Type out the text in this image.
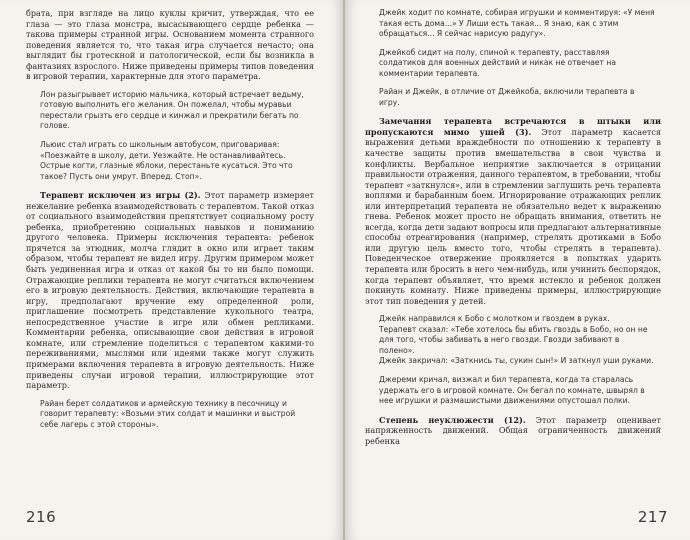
брата, при взгляде на лицо куклы кричит, утверждая, что ее глаза — это глаза монстра, высасывающего сердце ребенка — такова примеры странной игры. Основанием момента странного поведения является то, что такая игра случается нечасто; она выглядит бы гротескной и патологической, если бы возникла в фантазиях взрослого. Ниже приведены примеры типов поведения в игровой терапии, характерные для этого параметра.

Лон разыгрывает историю мальчика, который встречает ведьму, готовую выполнить его желания. Он пожелал, чтобы муравьи перестали грызть его сердце и кинжал и прекратили бегать по голове.

Льюис стал играть со школьным автобусом, приговаривая: «Поезжайте в школу, дети. Уезжайте. Не останавливайтесь. Острые когти, глазные яблоки, перестаньте кусаться. Это что такое? Пусть они умрут. Вперед. Стоп».

Терапевт исключен из игры (2). Этот параметр измеряет нежелание ребенка взаимодействовать с терапевтом. Такой отказ от социального взаимодействия препятствует социальному росту ребенка, приобретению социальных навыков и пониманию другого человека. Примеры исключения терапевта: ребенок прячется за этюдник, молча глядит в окно или играет таким образом, чтобы терапевт не видел игру. Другим примером может быть уединенная игра и отказ от какой бы то ни было помощи. Отражающие реплики терапевта не могут считаться включением его в игровую деятельность. Действия, включающие терапевта в игру, предполагают вручение ему определенной роли, приглашение посмотреть представление кукольного театра, непосредственное участие в игре или обмен репликами. Комментарии ребенка, описывающие свои действия в игровой комнате, или стремление поделиться с терапевтом какими-то переживаниями, мыслями или идеями также могут служить примерами включения терапевта в игровую деятельность. Ниже приведены случаи игровой терапии, иллюстрирующие этот параметр.

Райан берет солдатиков и армейскую технику в песочницу и говорит терапевту: «Возьми этих солдат и машинки и выстрой себе лагерь с этой стороны».

216

Джейк ходит по комнате, собирая игрушки и комментируя: «У меня такая есть дома...» У Лиши есть такая... Я знаю, как с этим обращаться... Я сейчас нарисую радугу».

Джейкоб сидит на полу, спиной к терапевту, расставляя солдатиков для военных действий и никак не отвечает на комментарии терапевта.

Райан и Джейк, в отличие от Джейкоба, включили терапевта в игру.

Замечания терапевта встречаются в штыки или пропускаются мимо ушей (3). Этот параметр касается выражения детьми враждебности по отношению к терапевту в качестве защиты против вмешательства в свои чувства и конфликты. Вербальное неприятие заключается в отрицании правильности отражения, данного терапевтом, в требовании, чтобы терапевт «заткнулся», или в стремлении заглушить речь терапевта воплями и барабанным боем. Игнорирование отражающих реплик или интерпретаций терапевта не обязательно ведет к выражению гнева. Ребенок может просто не обращать внимания, ответить не всегда, когда дети задают вопросы или предлагают альтернативные способы отреагирования (например, стрелять дротиками в Бобо или другую цель вместо того, чтобы стрелять в терапевта). Поведенческое отвержение проявляется в попытках ударить терапевта или бросить в него чем-нибудь, или учинить беспорядок, когда терапевт объявляет, что время истекло и ребенок должен покинуть комнату. Ниже приведены примеры, иллюстрирующие этот тип поведения у детей.

Джейк направился к Бобо с молотком и гвоздем в руках.

Терапевт сказал: «Тебе хотелось бы вбить гвоздь в Бобо, но он не для того, чтобы забивать в него гвозди. Гвозди забивают в полено».

Джейк закричал: «Заткнись ты, сукин сын!» И заткнул уши руками.

Джереми кричал, визжал и бил терапевта, когда та старалась удержать его в игровой комнате. Он бегал по комнате, швырял в нее игрушки и размашистыми движениями опустошал полки.

Степень неуклюжести (12). Этот параметр оценивает напряженность движений. Общая ограниченность движений ребенка

217
